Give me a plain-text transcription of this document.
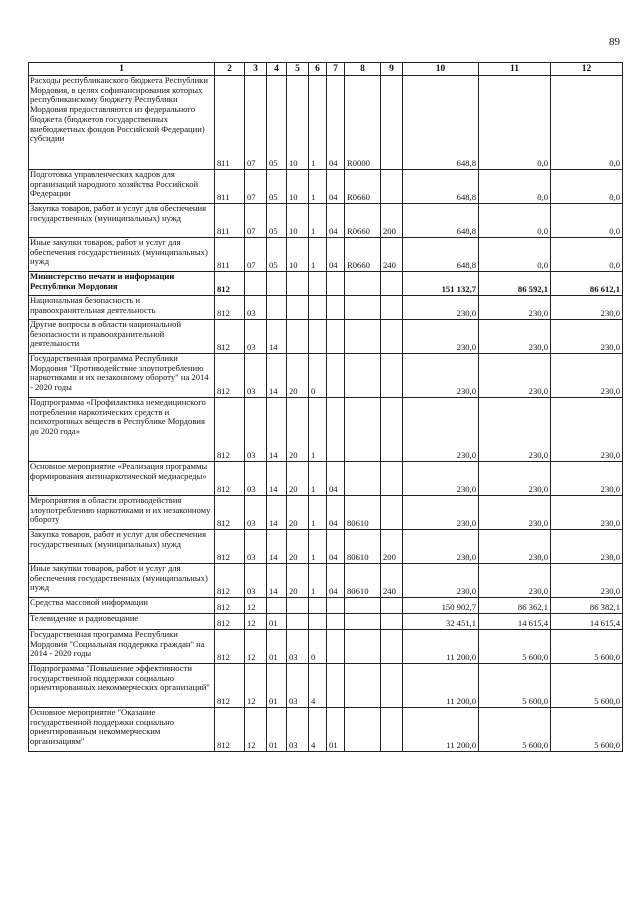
89
1	2	3	4	5	6	7	8	9	10	11	12
Расходы республиканского бюджета Республики Мордовия, в целях софинансирования которых республиканскому бюджету Республики Мордовия предоставляются из федерального бюджета (бюджетов государственных внебюджетных фондов Российской Федерации) субсидии	811	07	05	10	1	04	R0000		648,8	0,0	0,0
Подготовка управленческих кадров для организаций народного хозяйства Российской Федерации	811	07	05	10	1	04	R0660		648,8	0,0	0,0
Закупка товаров, работ и услуг для обеспечения государственных (муниципальных) нужд	811	07	05	10	1	04	R0660	200	648,8	0,0	0,0
Иные закупки товаров, работ и услуг для обеспечения государственных (муниципальных) нужд	811	07	05	10	1	04	R0660	240	648,8	0,0	0,0
Министерство печати и информации Республики Мордовия	812								151 132,7	86 592,1	86 612,1
Национальная безопасность и правоохранительная деятельность	812	03							230,0	230,0	230,0
Другие вопросы в области национальной безопасности и правоохранительной деятельности	812	03	14						230,0	230,0	230,0
Государственная программа Республики Мордовия "Противодействие злоупотреблению наркотиками и их незаконному обороту" на 2014 - 2020 годы	812	03	14	20	0				230,0	230,0	230,0
Подпрограмма «Профилактика немедицинского потребления наркотических средств и психотропных веществ в Республике Мордовия до 2020 года»	812	03	14	20	1				230,0	230,0	230,0
Основное мероприятие «Реализация программы формирования антинаркотической медиасреды»	812	03	14	20	1	04			230,0	230,0	230,0
Мероприятия в области противодействия злоупотреблению наркотиками и их незаконному обороту	812	03	14	20	1	04	80610		230,0	230,0	230,0
Закупка товаров, работ и услуг для обеспечения государственных (муниципальных) нужд	812	03	14	20	1	04	80610	200	230,0	230,0	230,0
Иные закупки товаров, работ и услуг для обеспечения государственных (муниципальных) нужд	812	03	14	20	1	04	80610	240	230,0	230,0	230,0
Средства массовой информации	812	12							150 902,7	86 362,1	86 382,1
Телевидение и радиовещание	812	12	01						32 451,1	14 615,4	14 615,4
Государственная программа Республики Мордовия "Социальная поддержка граждан" на 2014 - 2020 годы	812	12	01	03	0				11 200,0	5 600,0	5 600,0
Подпрограмма "Повышение эффективности государственной поддержки социально ориентированных некоммерческих организаций"	812	12	01	03	4				11 200,0	5 600,0	5 600,0
Основное мероприятие "Оказание государственной поддержки социально ориентированным некоммерческим организациям"	812	12	01	03	4	01			11 200,0	5 600,0	5 600,0
